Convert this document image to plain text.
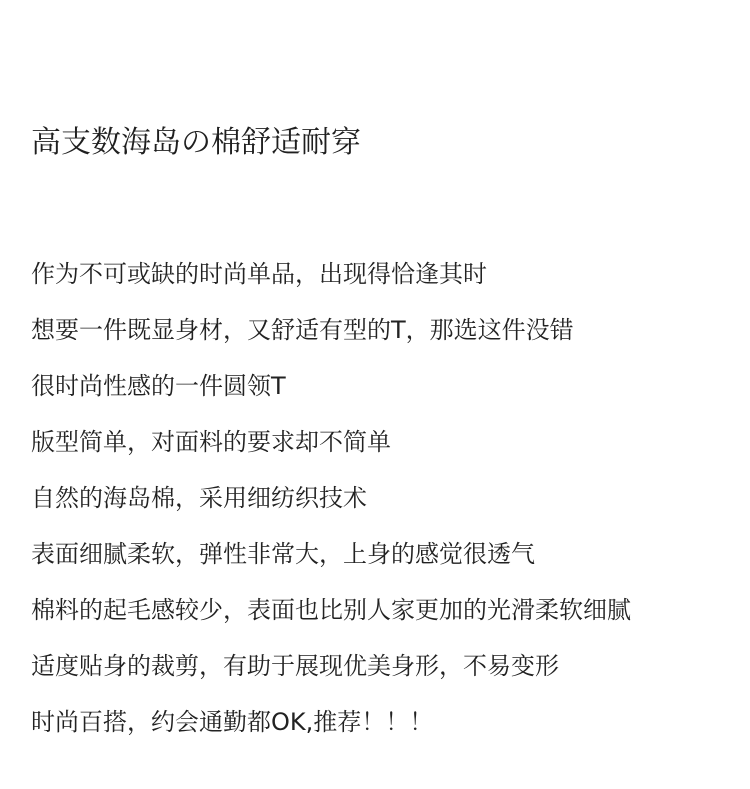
高支数海岛の棉舒适耐穿
作为不可或缺的时尚单品，出现得恰逢其时
想要一件既显身材，又舒适有型的T，那选这件没错
很时尚性感的一件圆领T
版型简单，对面料的要求却不简单
自然的海岛棉，采用细纺织技术
表面细腻柔软，弹性非常大，上身的感觉很透气
棉料的起毛感较少，表面也比别人家更加的光滑柔软细腻
适度贴身的裁剪，有助于展现优美身形，不易变形
时尚百搭，约会通勤都OK,推荐！！！
